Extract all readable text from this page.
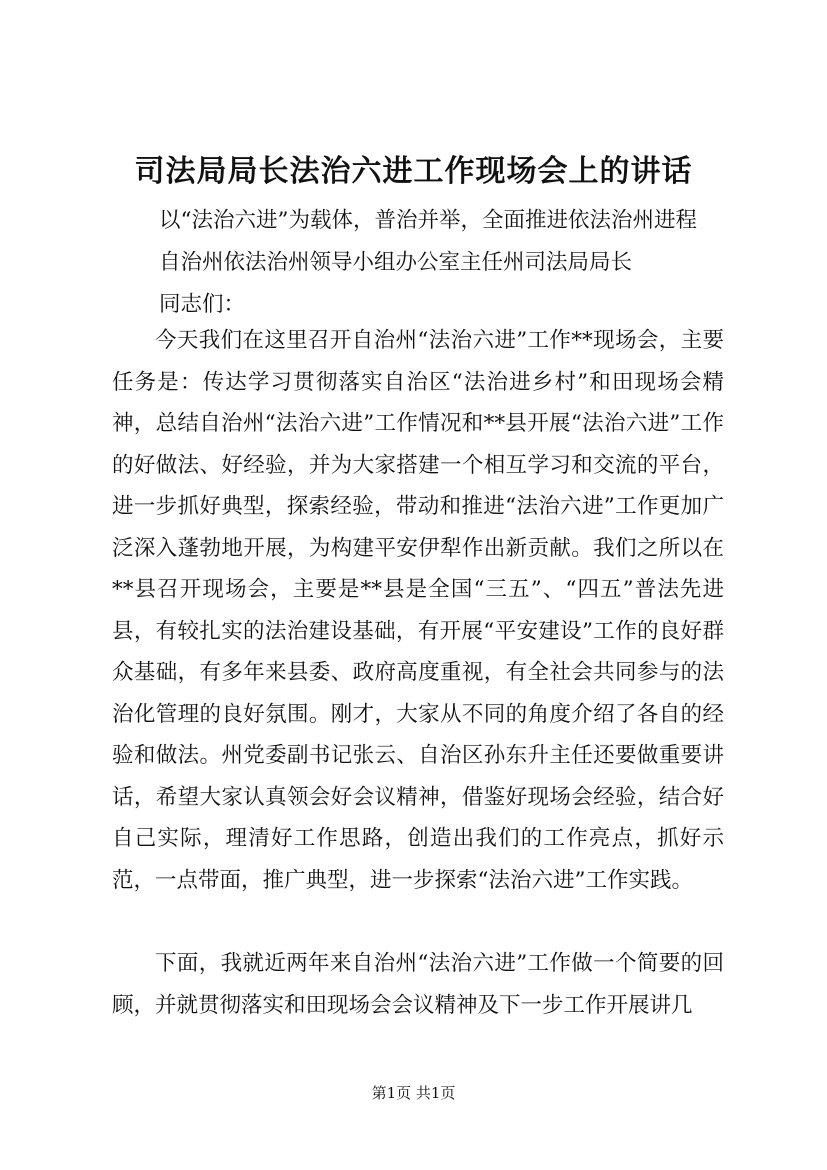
司法局局长法治六进工作现场会上的讲话
以“法治六进”为载体，普治并举，全面推进依法治州进程
自治州依法治州领导小组办公室主任州司法局局长
同志们：

今天我们在这里召开自治州“法治六进”工作**现场会，主要任务是：传达学习贯彻落实自治区“法治进乡村”和田现场会精神，总结自治州“法治六进”工作情况和**县开展“法治六进”工作的好做法、好经验，并为大家搭建一个相互学习和交流的平台，进一步抓好典型，探索经验，带动和推进“法治六进”工作更加广泛深入蓬勃地开展，为构建平安伊犁作出新贡献。我们之所以在**县召开现场会，主要是**县是全国“三五”、“四五”普法先进县，有较扎实的法治建设基础，有开展“平安建设”工作的良好群众基础，有多年来县委、政府高度重视，有全社会共同参与的法治化管理的良好氛围。刚才，大家从不同的角度介绍了各自的经验和做法。州党委副书记张云、自治区孙东升主任还要做重要讲话，希望大家认真领会好会议精神，借鉴好现场会经验，结合好自己实际，理清好工作思路，创造出我们的工作亮点，抓好示范，一点带面，推广典型，进一步探索“法治六进”工作实践。

下面，我就近两年来自治州“法治六进”工作做一个简要的回顾，并就贯彻落实和田现场会会议精神及下一步工作开展讲几

第1页 共1页
